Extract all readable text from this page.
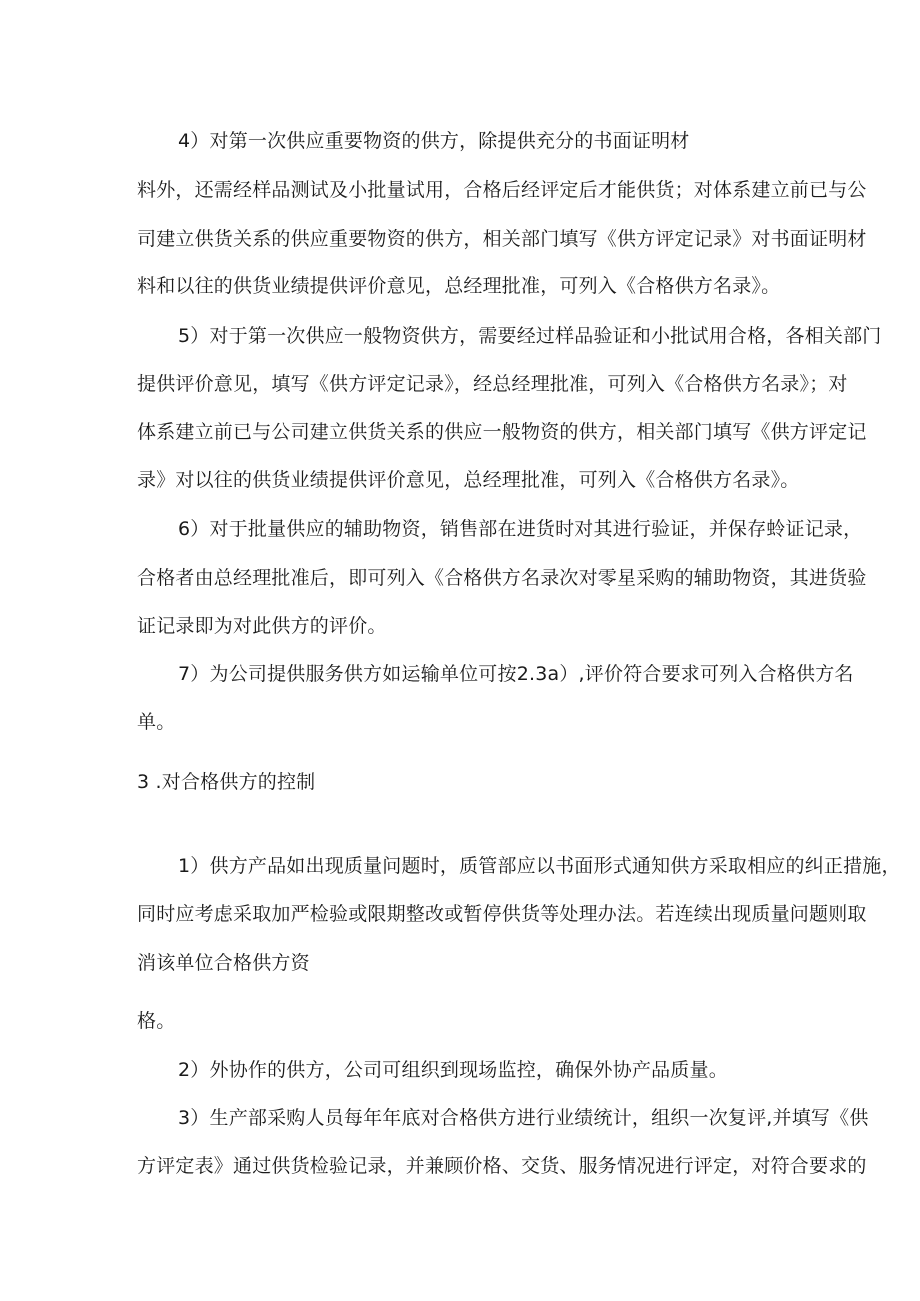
4）对第一次供应重要物资的供方，除提供充分的书面证明材
料外，还需经样品测试及小批量试用，合格后经评定后才能供货；对体系建立前已与公
司建立供货关系的供应重要物资的供方，相关部门填写《供方评定记录》对书面证明材
料和以往的供货业绩提供评价意见，总经理批准，可列入《合格供方名录》。
5）对于第一次供应一般物资供方，需要经过样品验证和小批试用合格，各相关部门
提供评价意见，填写《供方评定记录》，经总经理批准，可列入《合格供方名录》；对
体系建立前已与公司建立供货关系的供应一般物资的供方，相关部门填写《供方评定记
录》对以往的供货业绩提供评价意见，总经理批准，可列入《合格供方名录》。
6）对于批量供应的辅助物资，销售部在进货时对其进行验证，并保存蛉证记录，
合格者由总经理批准后，即可列入《合格供方名录次对零星采购的辅助物资，其进货验
证记录即为对此供方的评价。
7）为公司提供服务供方如运输单位可按2.3a）,评价符合要求可列入合格供方名
单。
3 .对合格供方的控制
1）供方产品如出现质量问题时，质管部应以书面形式通知供方采取相应的纠正措施，
同时应考虑采取加严检验或限期整改或暂停供货等处理办法。若连续出现质量问题则取
消该单位合格供方资
格。
2）外协作的供方，公司可组织到现场监控，确保外协产品质量。
3）生产部采购人员每年年底对合格供方进行业绩统计，组织一次复评,并填写《供
方评定表》通过供货检验记录，并兼顾价格、交货、服务情况进行评定，对符合要求的
